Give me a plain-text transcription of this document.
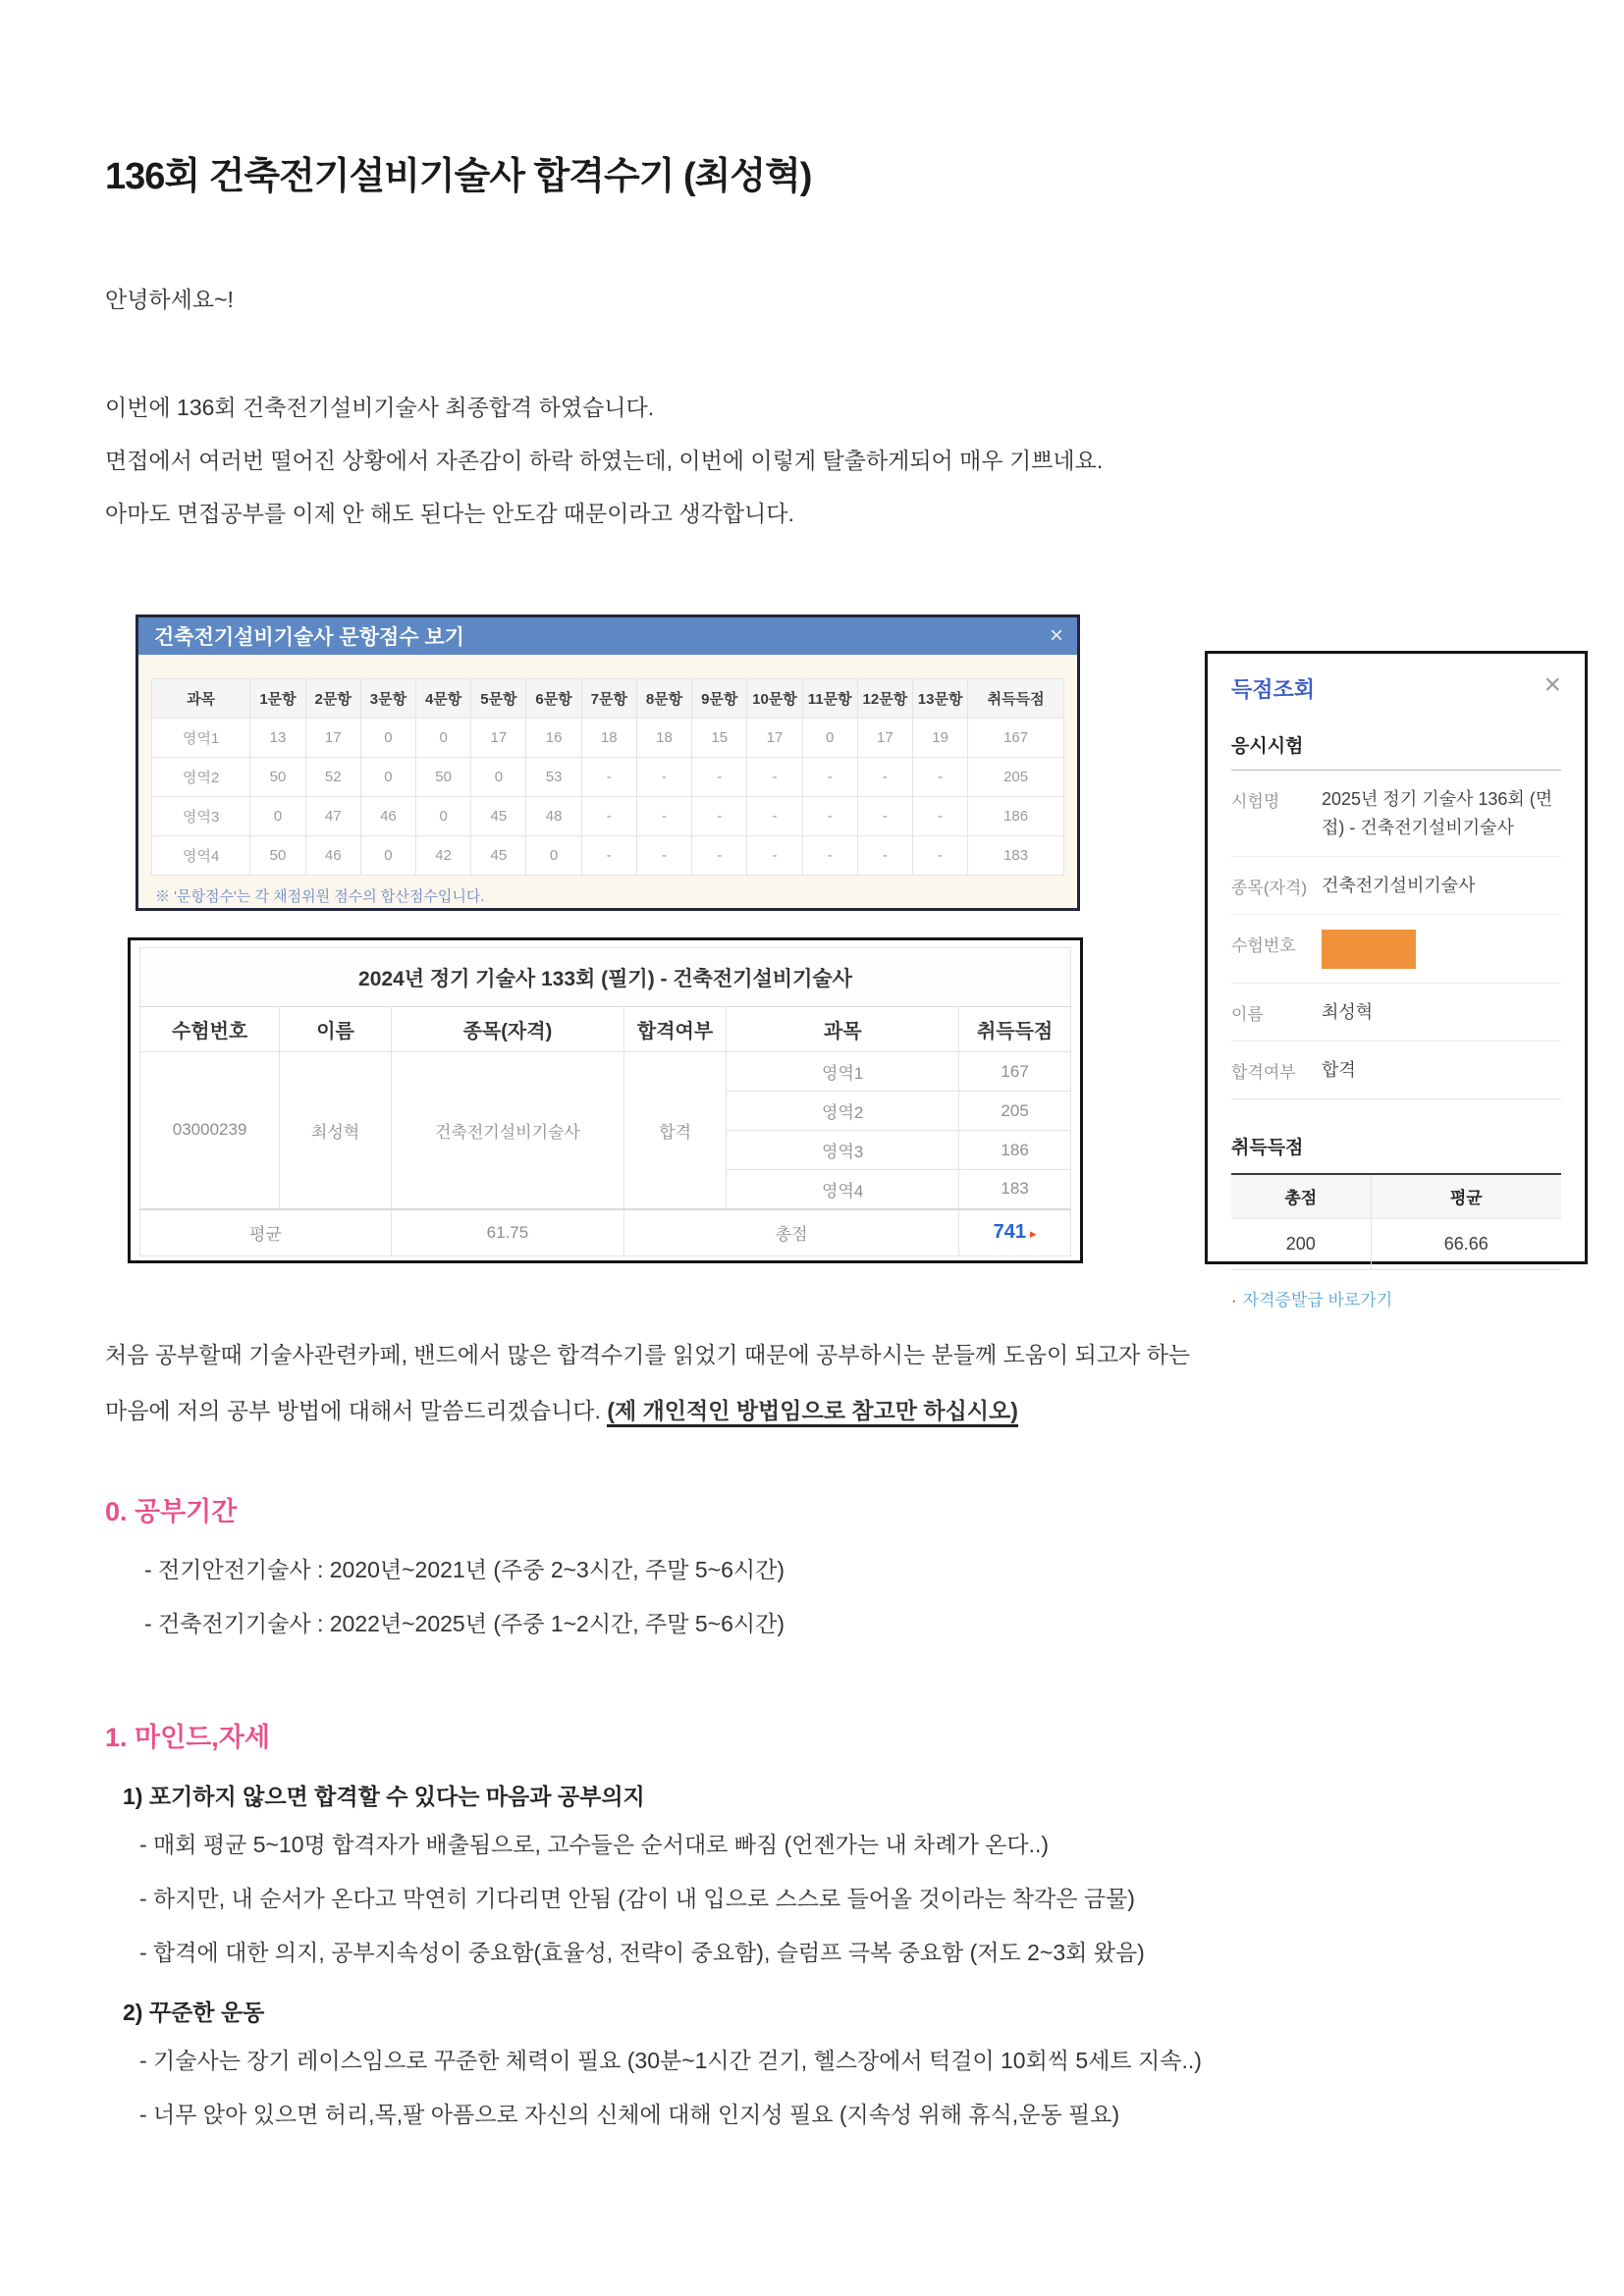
136회 건축전기설비기술사 합격수기 (최성혁)
안녕하세요~!

이번에 136회 건축전기설비기술사 최종합격 하였습니다.

면접에서 여러번 떨어진 상황에서 자존감이 하락 하였는데, 이번에 이렇게 탈출하게되어 매우 기쁘네요.

아마도 면접공부를 이제 안 해도 된다는 안도감 때문이라고 생각합니다.

건축전기설비기술사 문항점수 보기	×
과목	1문항	2문항	3문항	4문항	5문항	6문항	7문항	8문항	9문항	10문항	11문항	12문항	13문항	취득득점
영역1	13	17	0	0	17	16	18	18	15	17	0	17	19	167
영역2	50	52	0	50	0	53	-	-	-	-	-	-	-	205
영역3	0	47	46	0	45	48	-	-	-	-	-	-	-	186
영역4	50	46	0	42	45	0	-	-	-	-	-	-	-	183
※ '문항점수'는 각 채점위원 점수의 합산점수입니다.
2024년 정기 기술사 133회 (필기) - 건축전기설비기술사					
수험번호	이름	종목(자격)	합격여부	과목	취득득점
03000239	최성혁	건축전기설비기술사	합격	영역1	167
				영역2	205
				영역3	186
				영역4	183
평균		61.75	총점		741 ▸
득점조회	×
응시시험
시험명	2025년 정기 기술사 136회 (면접) - 건축전기설비기술사
종목(자격) 건축전기설비기술사
수험번호
이름	최성혁
합격여부	합격
취득득점
총점	평균
200	66.66
· 자격증발급 바로가기

처음 공부할때 기술사관련카페, 밴드에서 많은 합격수기를 읽었기 때문에 공부하시는 분들께 도움이 되고자 하는

마음에 저의 공부 방법에 대해서 말씀드리겠습니다. (제 개인적인 방법임으로 참고만 하십시오)

0. 공부기간

- 전기안전기술사 : 2020년~2021년 (주중 2~3시간, 주말 5~6시간)

- 건축전기기술사 : 2022년~2025년 (주중 1~2시간, 주말 5~6시간)

1. 마인드,자세
1) 포기하지 않으면 합격할 수 있다는 마음과 공부의지

- 매회 평균 5~10명 합격자가 배출됨으로, 고수들은 순서대로 빠짐 (언젠가는 내 차례가 온다..)

- 하지만, 내 순서가 온다고 막연히 기다리면 안됨 (감이 내 입으로 스스로 들어올 것이라는 착각은 금물)

- 합격에 대한 의지, 공부지속성이 중요함(효율성, 전략이 중요함), 슬럼프 극복 중요함 (저도 2~3회 왔음)

2) 꾸준한 운동

- 기술사는 장기 레이스임으로 꾸준한 체력이 필요 (30분~1시간 걷기, 헬스장에서 턱걸이 10회씩 5세트 지속..)

- 너무 앉아 있으면 허리,목,팔 아픔으로 자신의 신체에 대해 인지성 필요 (지속성 위해 휴식,운동 필요)
